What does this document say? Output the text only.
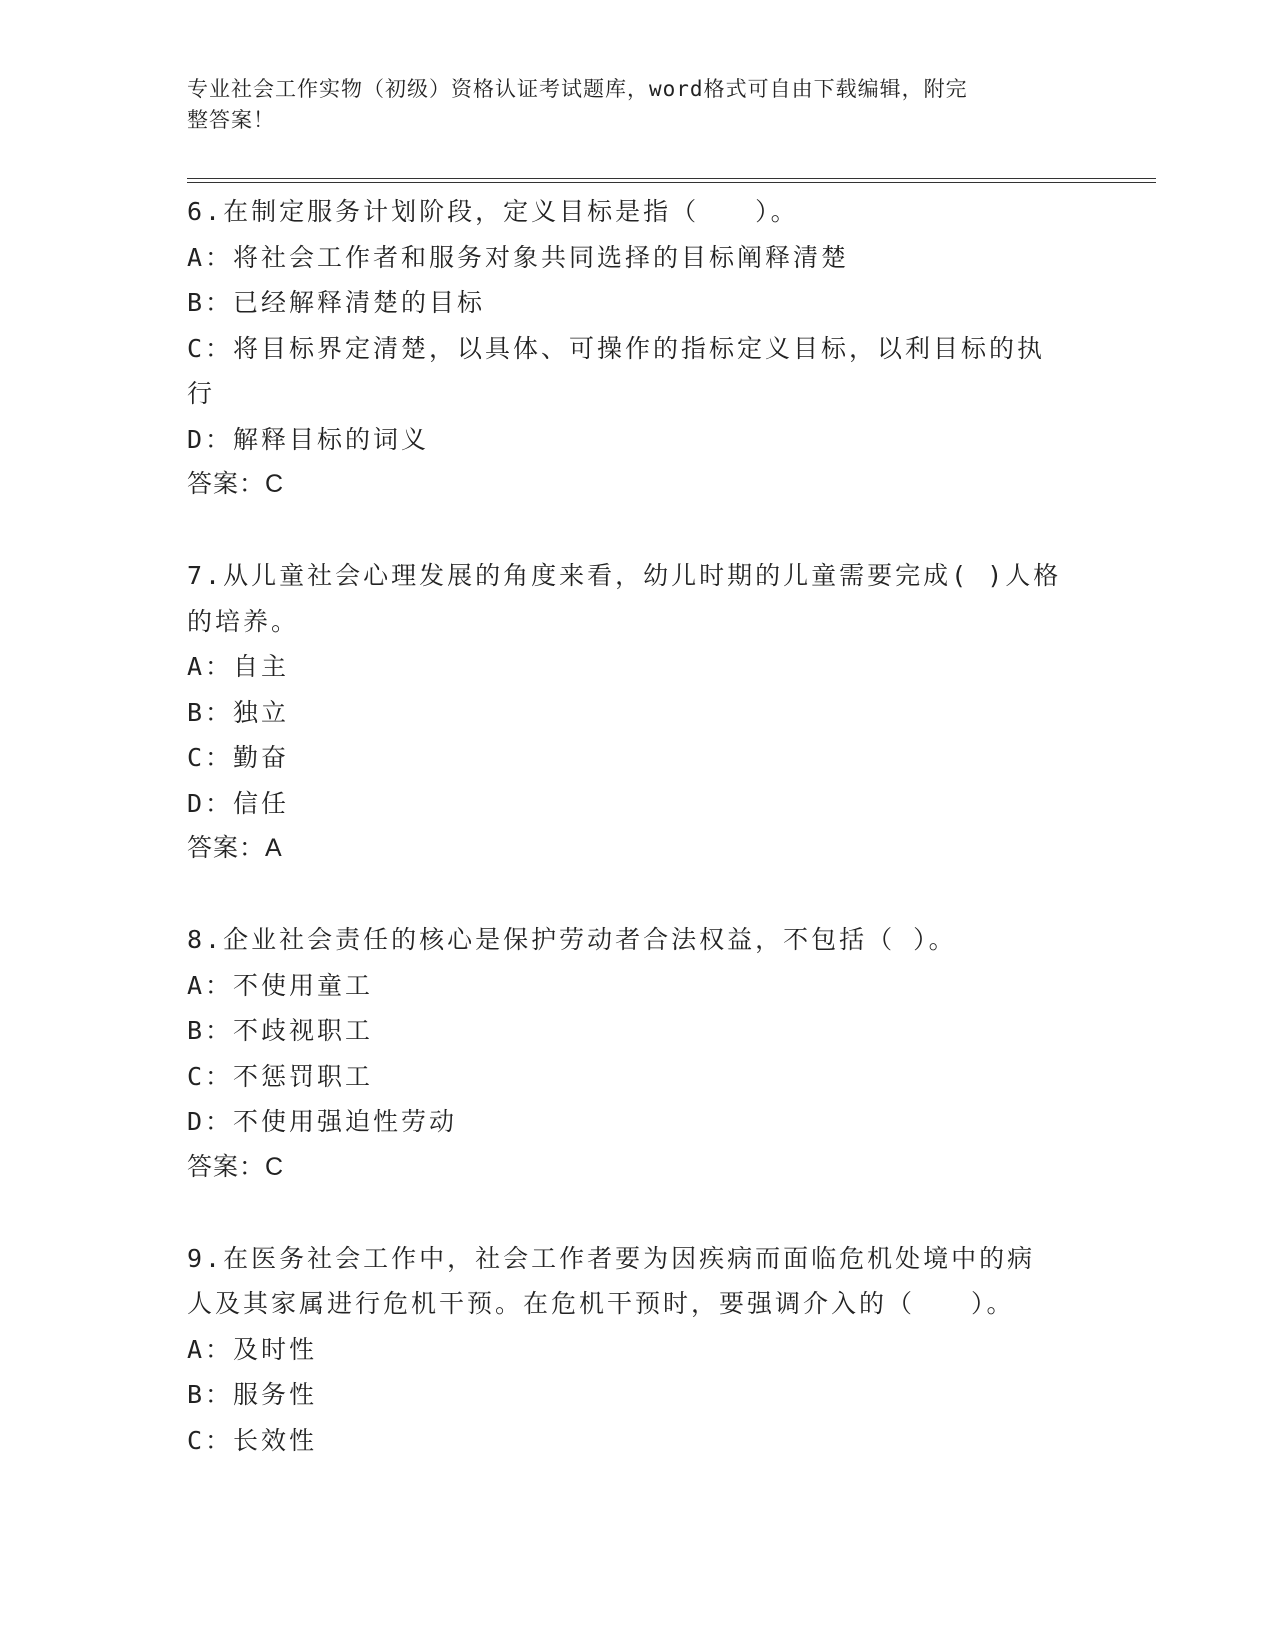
专业社会工作实物（初级）资格认证考试题库，word格式可自由下载编辑，附完
整答案！

6.在制定服务计划阶段，定义目标是指（　　）。

A：将社会工作者和服务对象共同选择的目标阐释清楚

B：已经解释清楚的目标

C：将目标界定清楚，以具体、可操作的指标定义目标，以利目标的执

行

D：解释目标的词义

答案：C

7.从儿童社会心理发展的角度来看，幼儿时期的儿童需要完成( )人格

的培养。

A：自主

B：独立

C：勤奋

D：信任

答案：A

8.企业社会责任的核心是保护劳动者合法权益，不包括（ ）。

A：不使用童工

B：不歧视职工

C：不惩罚职工

D：不使用强迫性劳动

答案：C

9.在医务社会工作中，社会工作者要为因疾病而面临危机处境中的病

人及其家属进行危机干预。在危机干预时，要强调介入的（　　）。

A：及时性

B：服务性

C：长效性
